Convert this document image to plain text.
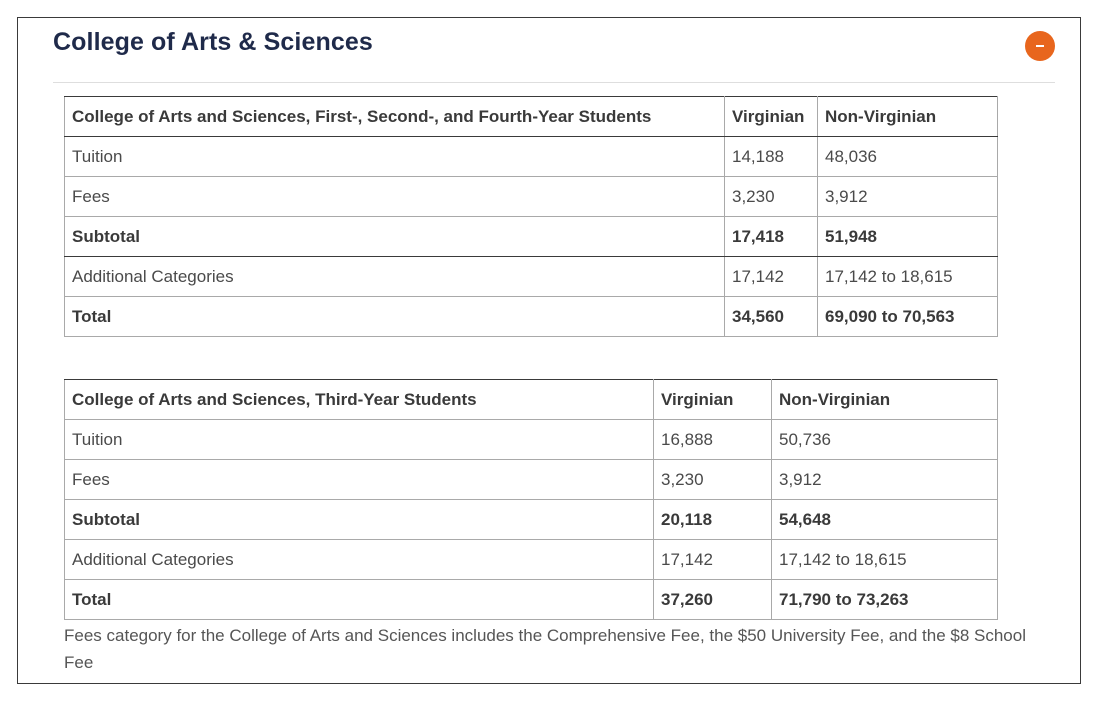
College of Arts & Sciences
College of Arts and Sciences, First-, Second-, and Fourth-Year Students	Virginian	Non-Virginian
Tuition	14,188	48,036
Fees	3,230	3,912
Subtotal	17,418	51,948
Additional Categories	17,142	17,142 to 18,615
Total	34,560	69,090 to 70,563
College of Arts and Sciences, Third-Year Students	Virginian	Non-Virginian
Tuition	16,888	50,736
Fees	3,230	3,912
Subtotal	20,118	54,648
Additional Categories	17,142	17,142 to 18,615
Total	37,260	71,790 to 73,263

Fees category for the College of Arts and Sciences includes the Comprehensive Fee, the $50 University Fee, and the $8 School Fee
